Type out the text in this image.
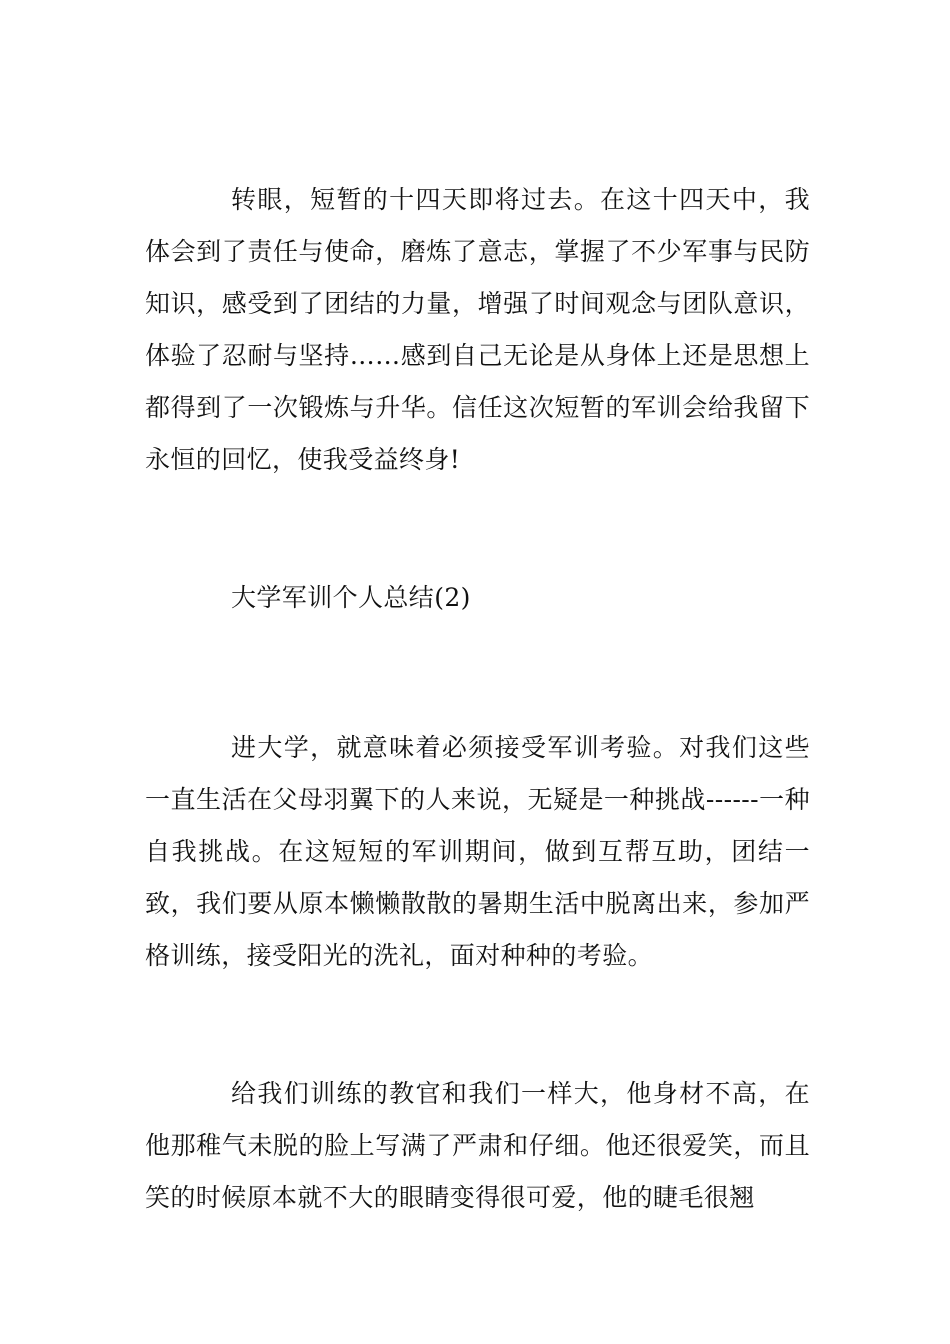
转眼，短暂的十四天即将过去。在这十四天中，我体会到了责任与使命，磨炼了意志，掌握了不少军事与民防知识，感受到了团结的力量，增强了时间观念与团队意识，体验了忍耐与坚持……感到自己无论是从身体上还是思想上都得到了一次锻炼与升华。信任这次短暂的军训会给我留下永恒的回忆，使我受益终身!

大学军训个人总结(2)

进大学，就意味着必须接受军训考验。对我们这些一直生活在父母羽翼下的人来说，无疑是一种挑战------一种自我挑战。在这短短的军训期间，做到互帮互助，团结一致，我们要从原本懒懒散散的暑期生活中脱离出来，参加严格训练，接受阳光的洗礼，面对种种的考验。

给我们训练的教官和我们一样大，他身材不高，在他那稚气未脱的脸上写满了严肃和仔细。他还很爱笑，而且笑的时候原本就不大的眼睛变得很可爱，他的睫毛很翘
